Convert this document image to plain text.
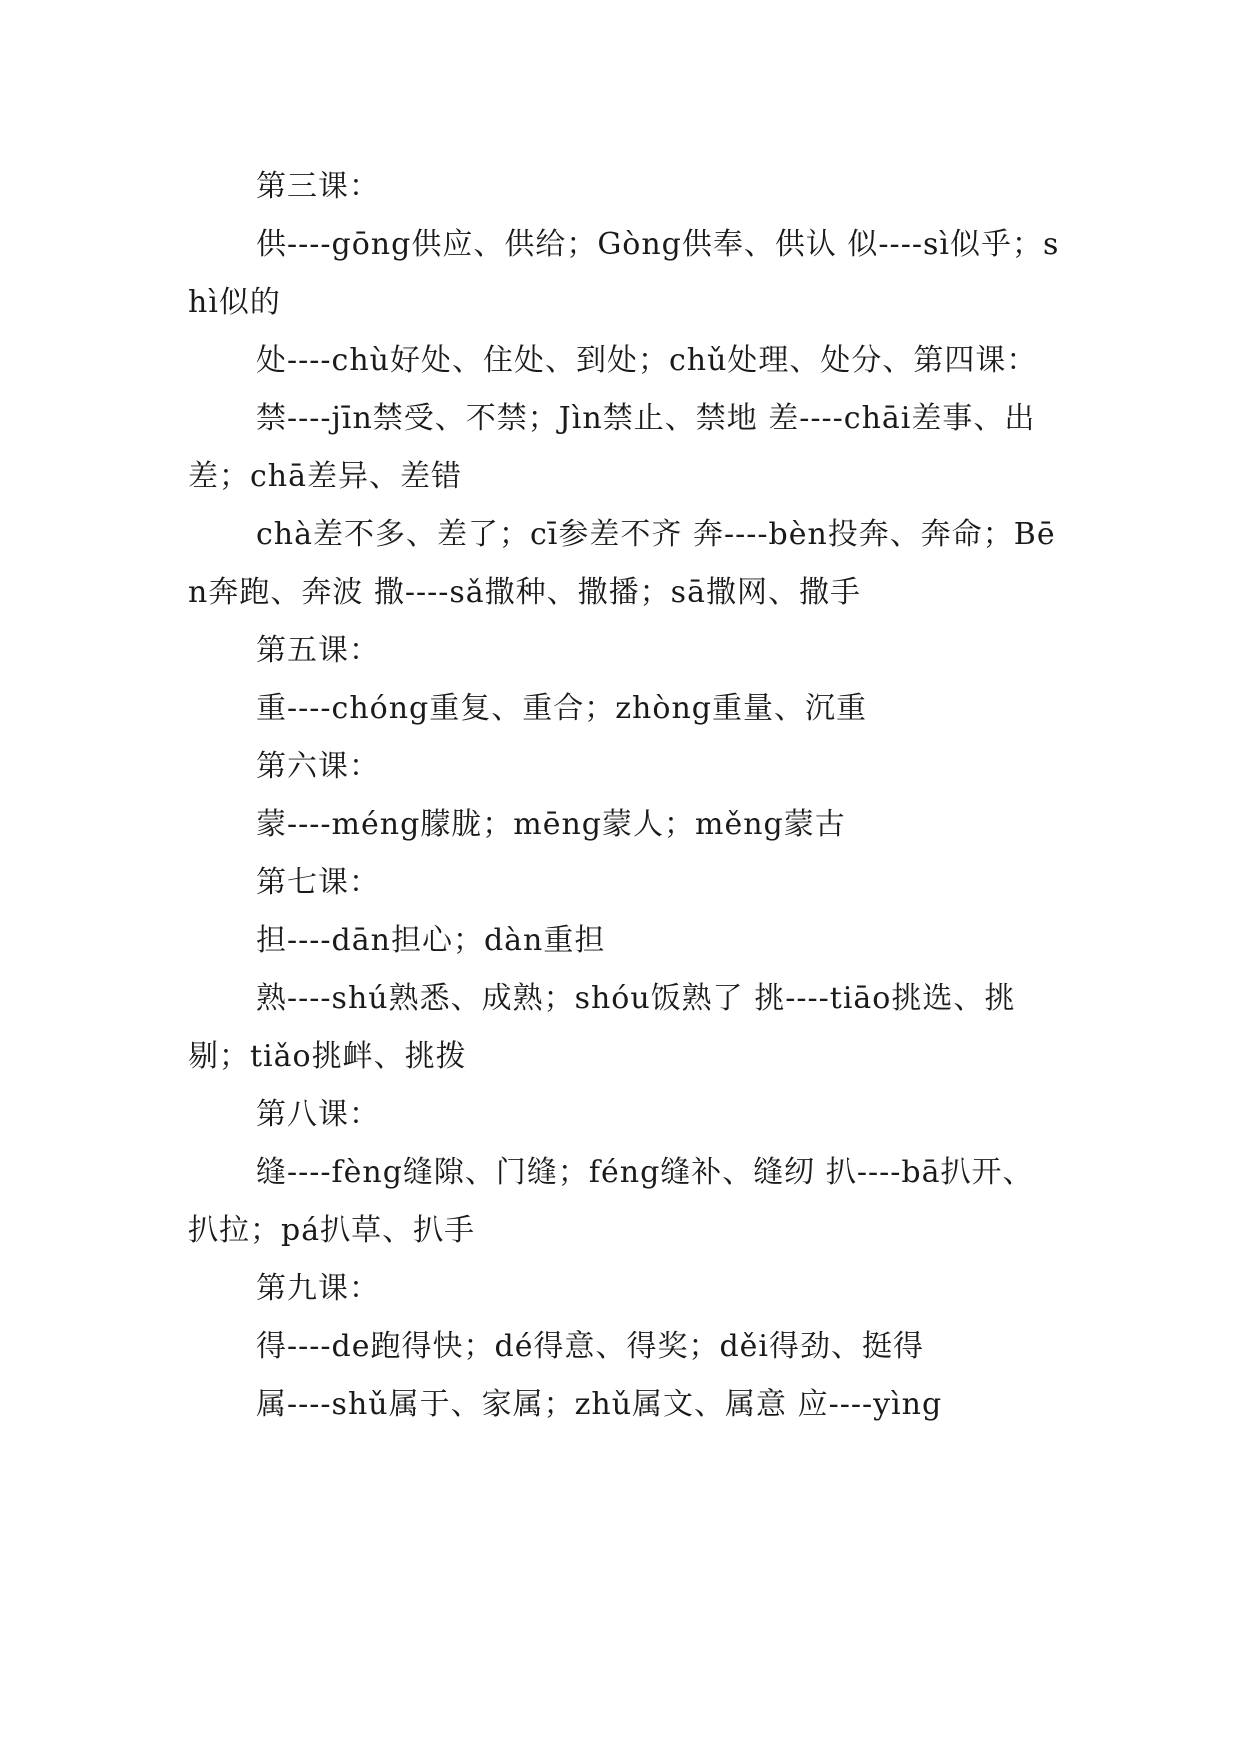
第三课：

供----gōng供应、供给；Gòng供奉、供认 似----sì似乎；shì似的

处----chù好处、住处、到处；chǔ处理、处分、第四课：

禁----jīn禁受、不禁；Jìn禁止、禁地 差----chāi差事、出差；chā差异、差错

chà差不多、差了；cī参差不齐 奔----bèn投奔、奔命；Bēn奔跑、奔波 撒----sǎ撒种、撒播；sā撒网、撒手

第五课：

重----chóng重复、重合；zhòng重量、沉重

第六课：

蒙----méng朦胧；mēng蒙人；měng蒙古

第七课：

担----dān担心；dàn重担

熟----shú熟悉、成熟；shóu饭熟了 挑----tiāo挑选、挑剔；tiǎo挑衅、挑拨

第八课：

缝----fèng缝隙、门缝；féng缝补、缝纫 扒----bā扒开、扒拉；pá扒草、扒手

第九课：

得----de跑得快；dé得意、得奖；děi得劲、挺得

属----shǔ属于、家属；zhǔ属文、属意 应----yìng
